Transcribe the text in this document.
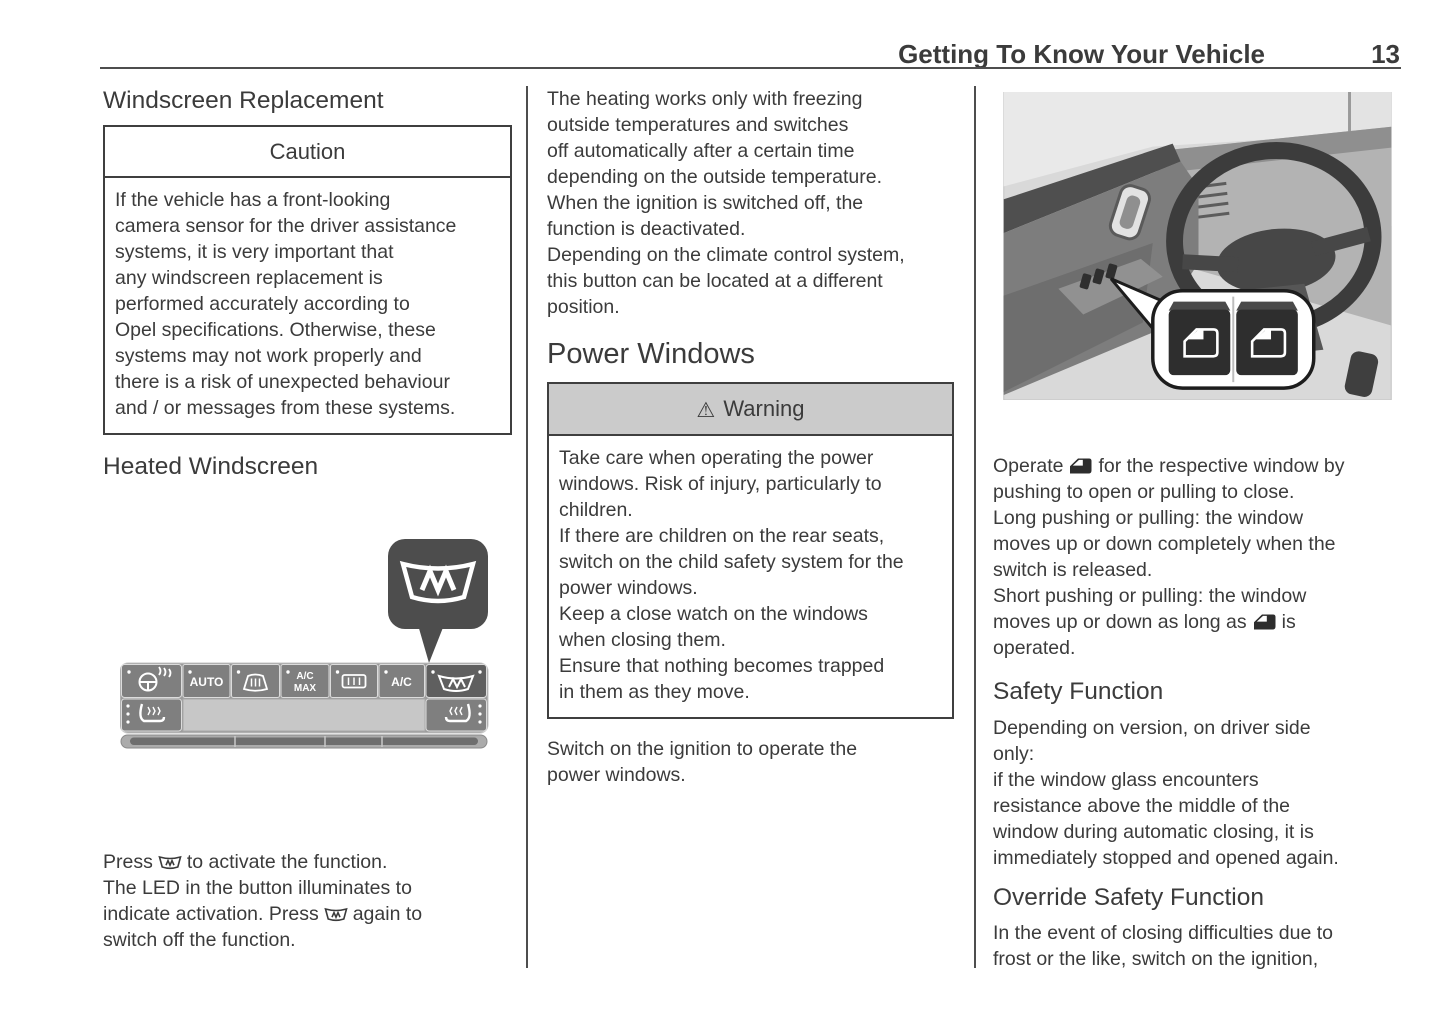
Getting To Know Your Vehicle	13
Windscreen Replacement
Caution
If the vehicle has a front-looking
camera sensor for the driver assistance
systems, it is very important that
any windscreen replacement is
performed accurately according to
Opel specifications. Otherwise, these
systems may not work properly and
there is a risk of unexpected behaviour
and / or messages from these systems.
Heated Windscreen
AUTO	A/C
MAX	A/C
Press to activate the function.
The LED in the button illuminates to
indicate activation. Press again to
switch off the function.
The heating works only with freezing
outside temperatures and switches
off automatically after a certain time
depending on the outside temperature.
When the ignition is switched off, the
function is deactivated.
Depending on the climate control system,
this button can be located at a different
position.
Power Windows
⚠ Warning
Take care when operating the power
windows. Risk of injury, particularly to
children.
If there are children on the rear seats,
switch on the child safety system for the
power windows.
Keep a close watch on the windows
when closing them.
Ensure that nothing becomes trapped
in them as they move.
Switch on the ignition to operate the
power windows.
Operate for the respective window by
pushing to open or pulling to close.
Long pushing or pulling: the window
moves up or down completely when the
switch is released.
Short pushing or pulling: the window
moves up or down as long as is
operated.
Safety Function
Depending on version, on driver side
only:
if the window glass encounters
resistance above the middle of the
window during automatic closing, it is
immediately stopped and opened again.
Override Safety Function
In the event of closing difficulties due to
frost or the like, switch on the ignition,
